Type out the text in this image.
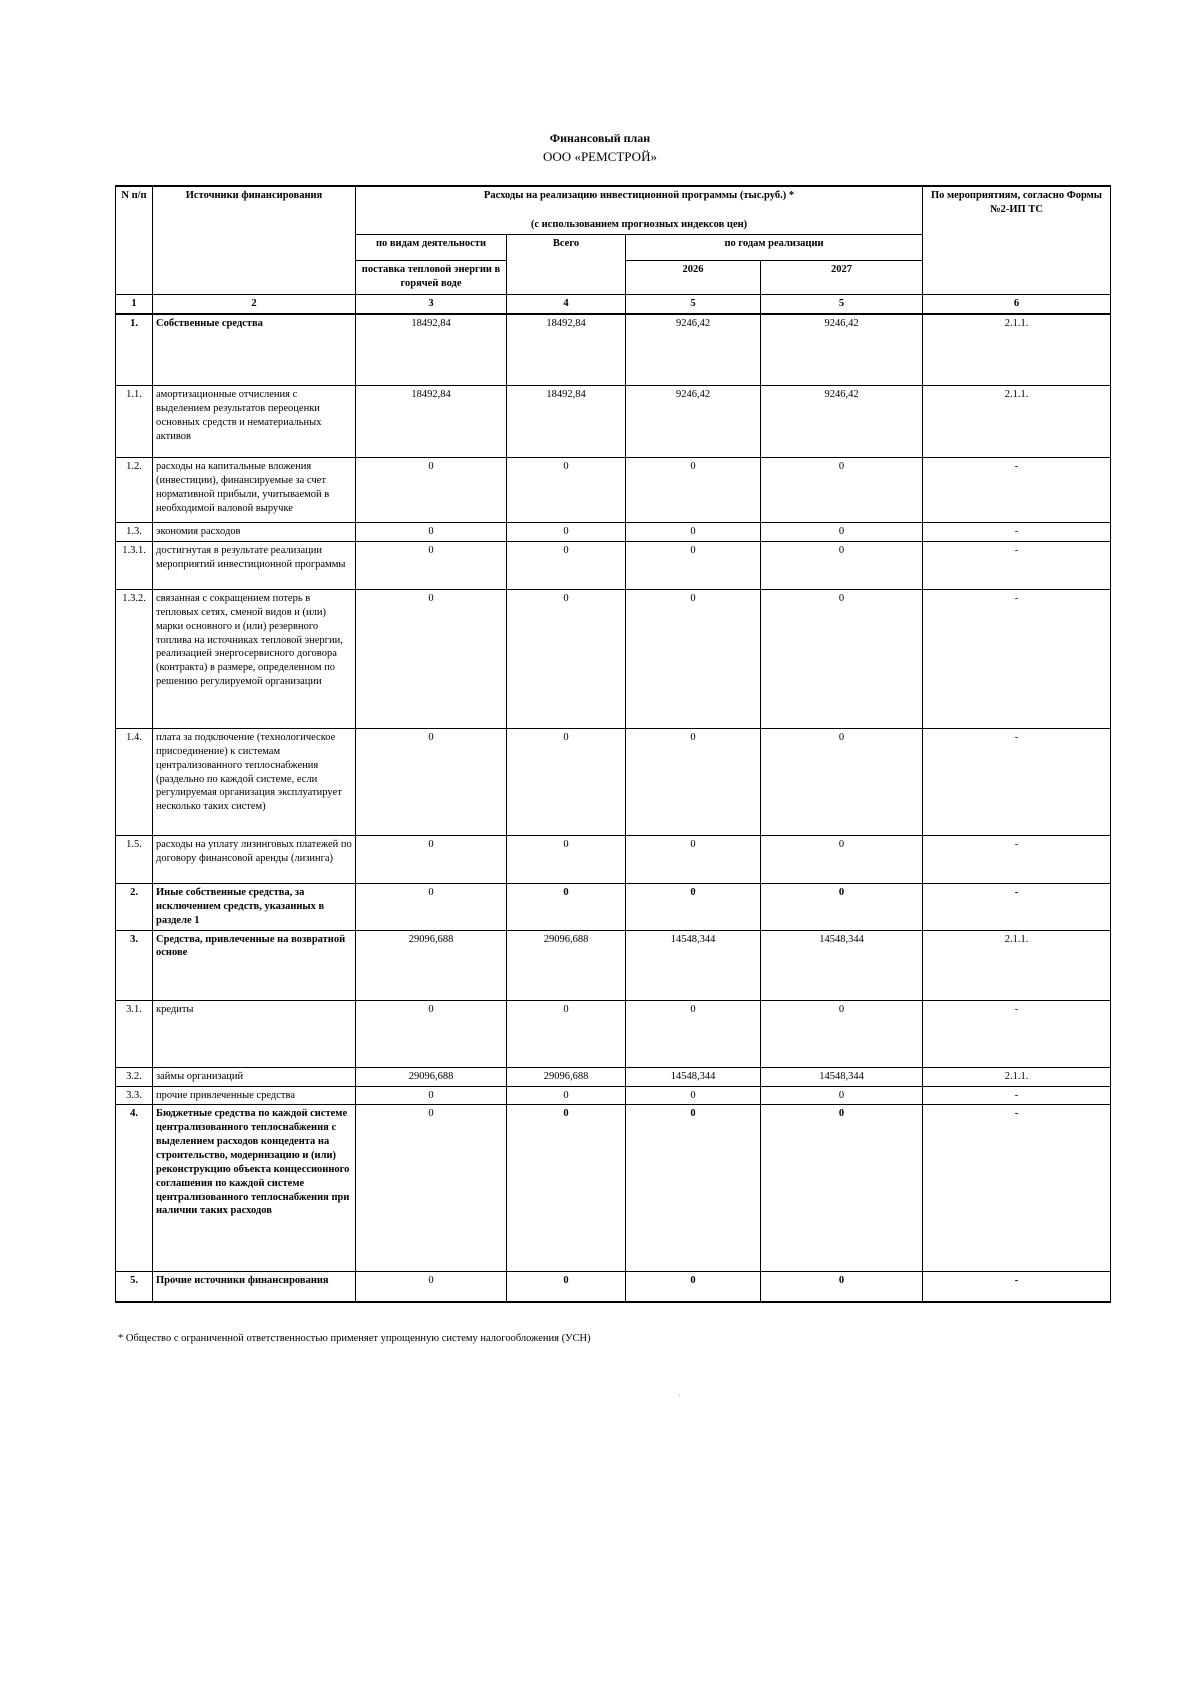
Финансовый план
ООО «РЕМСТРОЙ»
N п/п	Источники финансирования	Расходы на реализацию инвестиционной программы (тыс.руб.) *
(с использованием прогнозных индексов цен)				По мероприятиям, согласно Формы №2-ИП ТС
		по видам деятельности	Всего	по годам реализации		
		поставка тепловой энергии в горячей воде		2026	2027	
1	2	3	4	5	5	6
1.	Собственные средства	18492,84	18492,84	9246,42	9246,42	2.1.1.
1.1.	амортизационные отчисления с выделением результатов переоценки основных средств и нематериальных активов	18492,84	18492,84	9246,42	9246,42	2.1.1.
1.2.	расходы на капитальные вложения (инвестиции), финансируемые за счет нормативной прибыли, учитываемой в необходимой валовой выручке	0	0	0	0	-
1.3.	экономия расходов	0	0	0	0	-
1.3.1.	достигнутая в результате реализации мероприятий инвестиционной программы	0	0	0	0	-
1.3.2.	связанная с сокращением потерь в тепловых сетях, сменой видов и (или) марки основного и (или) резервного топлива на источниках тепловой энергии, реализацией энергосервисного договора (контракта) в размере, определенном по решению регулируемой организации	0	0	0	0	-
1.4.	плата за подключение (технологическое присоединение) к системам централизованного теплоснабжения (раздельно по каждой системе, если регулируемая организация эксплуатирует несколько таких систем)	0	0	0	0	-
1.5.	расходы на уплату лизинговых платежей по договору финансовой аренды (лизинга)	0	0	0	0	-
2.	Иные собственные средства, за исключением средств, указанных в разделе 1	0	0	0	0	-
3.	Средства, привлеченные на возвратной основе	29096,688	29096,688	14548,344	14548,344	2.1.1.
3.1.	кредиты	0	0	0	0	-
3.2.	займы организаций	29096,688	29096,688	14548,344	14548,344	2.1.1.
3.3.	прочие привлеченные средства	0	0	0	0	-
4.	Бюджетные средства по каждой системе централизованного теплоснабжения с выделением расходов концедента на строительство, модернизацию и (или) реконструкцию объекта концессионного соглашения по каждой системе централизованного теплоснабжения при наличии таких расходов	0	0	0	0	-
5.	Прочие источники финансирования	0	0	0	0	-
* Общество с ограниченной ответственностью применяет упрощенную систему налогообложения (УСН)
.
